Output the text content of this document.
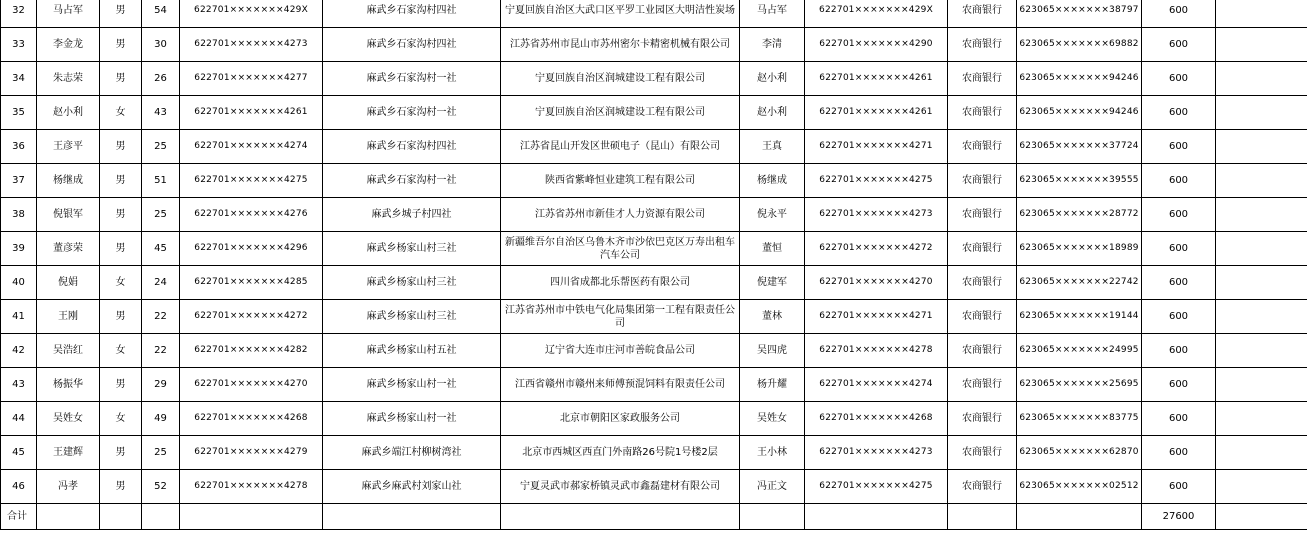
32	马占军	男	54	622701×××××××429X	麻武乡石家沟村四社	宁夏回族自治区大武口区平罗工业园区大明洁性炭场	马占军	622701×××××××429X	农商银行	623065×××××××38797	600	
33	李金龙	男	30	622701×××××××4273	麻武乡石家沟村四社	江苏省苏州市昆山市苏州密尔卡精密机械有限公司	李清	622701×××××××4290	农商银行	623065×××××××69882	600	
34	朱志荣	男	26	622701×××××××4277	麻武乡石家沟村一社	宁夏回族自治区润城建设工程有限公司	赵小利	622701×××××××4261	农商银行	623065×××××××94246	600	
35	赵小利	女	43	622701×××××××4261	麻武乡石家沟村一社	宁夏回族自治区润城建设工程有限公司	赵小利	622701×××××××4261	农商银行	623065×××××××94246	600	
36	王彦平	男	25	622701×××××××4274	麻武乡石家沟村四社	江苏省昆山开发区世硕电子（昆山）有限公司	王真	622701×××××××4271	农商银行	623065×××××××37724	600	
37	杨继成	男	51	622701×××××××4275	麻武乡石家沟村一社	陕西省紫峰恒业建筑工程有限公司	杨继成	622701×××××××4275	农商银行	623065×××××××39555	600	
38	倪银军	男	25	622701×××××××4276	麻武乡城子村四社	江苏省苏州市新佳才人力资源有限公司	倪永平	622701×××××××4273	农商银行	623065×××××××28772	600	
39	董彦荣	男	45	622701×××××××4296	麻武乡杨家山村三社	新疆维吾尔自治区乌鲁木齐市沙依巴克区万寿出租车汽车公司	董恒	622701×××××××4272	农商银行	623065×××××××18989	600	
40	倪娟	女	24	622701×××××××4285	麻武乡杨家山村三社	四川省成都北乐帮医药有限公司	倪建军	622701×××××××4270	农商银行	623065×××××××22742	600	
41	王刚	男	22	622701×××××××4272	麻武乡杨家山村三社	江苏省苏州市中铁电气化局集团第一工程有限责任公司	董林	622701×××××××4271	农商银行	623065×××××××19144	600	
42	吴浩红	女	22	622701×××××××4282	麻武乡杨家山村五社	辽宁省大连市庄河市善皖食品公司	吴四虎	622701×××××××4278	农商银行	623065×××××××24995	600	
43	杨振华	男	29	622701×××××××4270	麻武乡杨家山村一社	江西省赣州市赣州来师傅预混饲料有限责任公司	杨升耀	622701×××××××4274	农商银行	623065×××××××25695	600	
44	吴姓女	女	49	622701×××××××4268	麻武乡杨家山村一社	北京市朝阳区家政服务公司	吴姓女	622701×××××××4268	农商银行	623065×××××××83775	600	
45	王建辉	男	25	622701×××××××4279	麻武乡端江村柳树湾社	北京市西城区西直门外南路26号院1号楼2层	王小林	622701×××××××4273	农商银行	623065×××××××62870	600	
46	冯孝	男	52	622701×××××××4278	麻武乡麻武村刘家山社	宁夏灵武市郝家桥镇灵武市鑫磊建材有限公司	冯正文	622701×××××××4275	农商银行	623065×××××××02512	600	
合计											27600	
